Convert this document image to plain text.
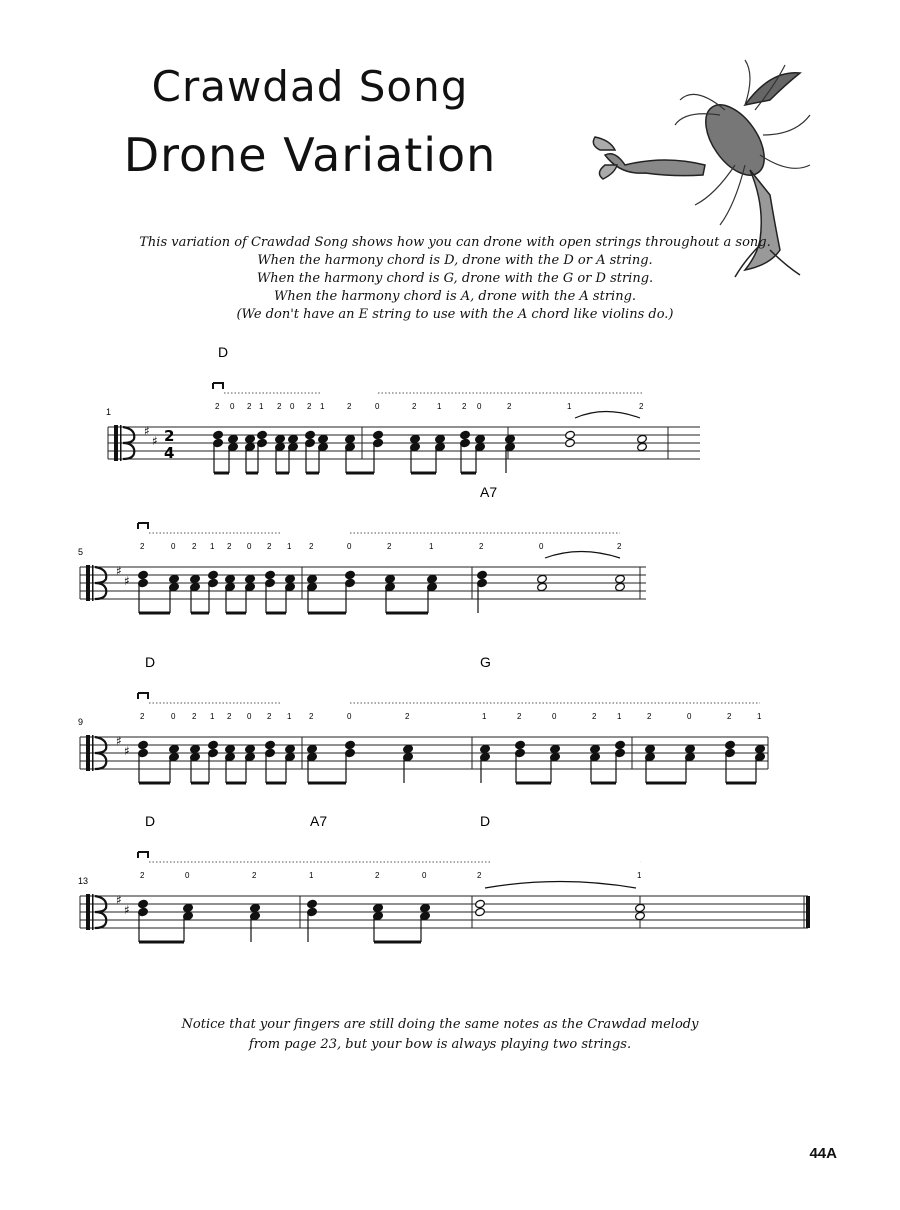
Crawdad Song
Drone Variation

This variation of Crawdad Song shows how you can drone with open strings throughout a song.

When the harmony chord is D, drone with the D or A string.

When the harmony chord is G, drone with the G or D string.

When the harmony chord is A, drone with the A string.

(We don't have an E string to use with the A chord like violins do.)

♯
♯ 2
4
1
D
2 0 2 1 2 0 2 1	2	0	2	1	2 0	2	1	2
♯
♯
5
A7
2	0 2 1 2 0 2 1 2	0	2	1	2	0	2
♯
♯
9
D	G
2	0 2 1 2 0 2 1 2	0	2	1	2	0	2	1	2	0	2	1
♯
♯
13
D	A7	D
2	0	2	1	2	0	2	1

Notice that your fingers are still doing the same notes as the Crawdad melody

from page 23, but your bow is always playing two strings.

44A
